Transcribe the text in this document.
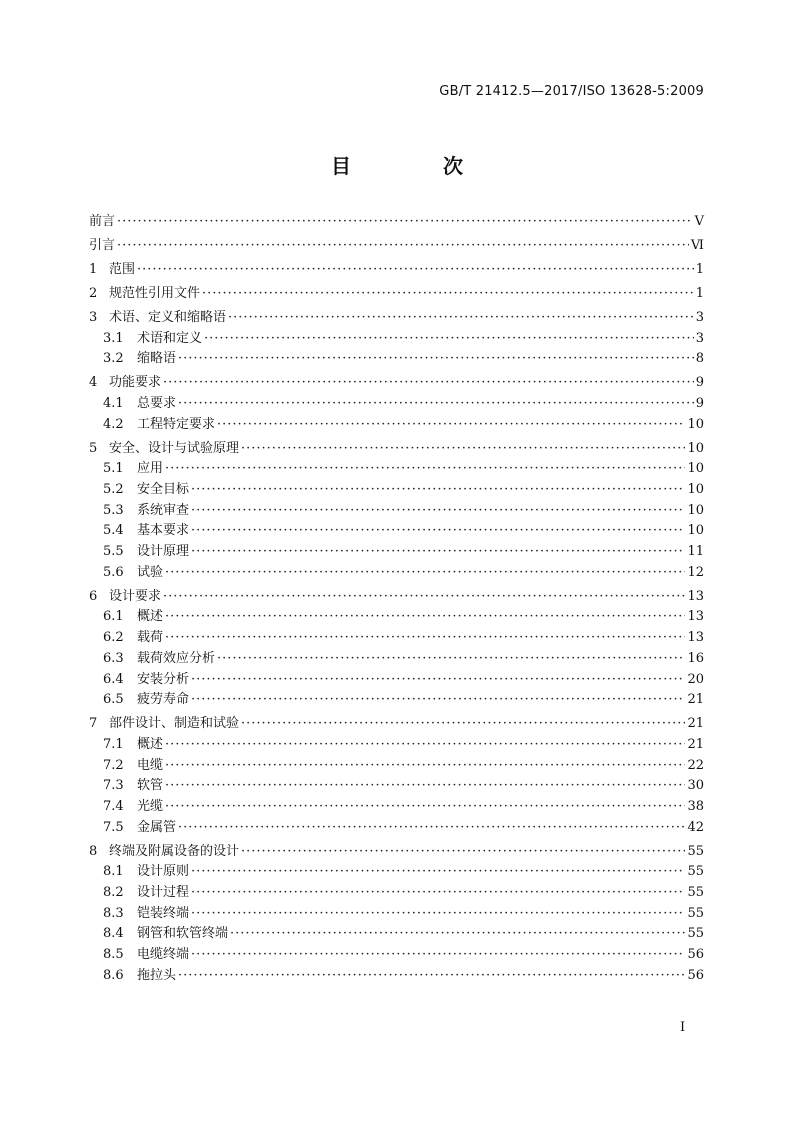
GB/T 21412.5—2017/ISO 13628-5:2009
目　次
前言 ·····	Ⅴ
引言 ·····	Ⅵ
1 范围 ·····	1
2 规范性引用文件 ·····	1
3 术语、定义和缩略语 ·····	3
3.1	术语和定义 ·····	3
3.2	缩略语 ·····	8
4 功能要求 ·····	9
4.1	总要求 ·····	9
4.2	工程特定要求 ·····	10
5 安全、设计与试验原理 ·····	10
5.1	应用 ·····	10
5.2	安全目标 ·····	10
5.3	系统审查 ·····	10
5.4	基本要求 ·····	10
5.5	设计原理 ·····	11
5.6	试验 ·····	12
6 设计要求 ·····	13
6.1	概述 ·····	13
6.2	载荷 ·····	13
6.3	载荷效应分析 ·····	16
6.4	安装分析 ·····	20
6.5	疲劳寿命 ·····	21
7 部件设计、制造和试验 ·····	21
7.1	概述 ·····	21
7.2	电缆 ·····	22
7.3	软管 ·····	30
7.4	光缆 ·····	38
7.5	金属管 ·····	42
8 终端及附属设备的设计 ·····	55
8.1	设计原则 ·····	55
8.2	设计过程 ·····	55
8.3	铠装终端 ·····	55
8.4	钢管和软管终端 ·····	55
8.5	电缆终端 ·····	56
8.6	拖拉头 ·····	56
I
